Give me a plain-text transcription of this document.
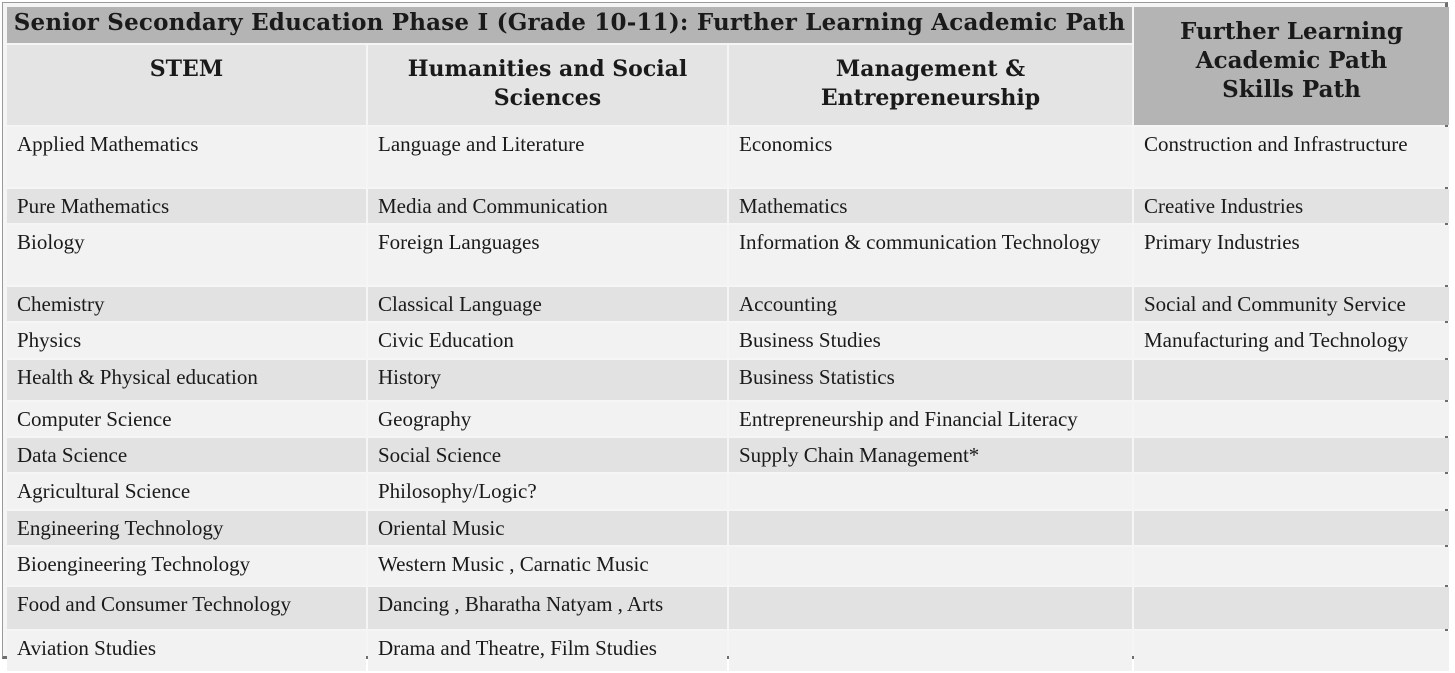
Senior Secondary Education Phase I (Grade 10-11): Further Learning Academic Path			Further Learning
Academic Path
Skills Path
STEM	Humanities and Social Sciences	Management & Entrepreneurship	
Applied Mathematics	Language and Literature	Economics	Construction and Infrastructure
Pure Mathematics	Media and Communication	Mathematics	Creative Industries
Biology	Foreign Languages	Information & communication Technology	Primary Industries
Chemistry	Classical Language	Accounting	Social and Community Service
Physics	Civic Education	Business Studies	Manufacturing and Technology
Health & Physical education	History	Business Statistics	
Computer Science	Geography	Entrepreneurship and Financial Literacy	
Data Science	Social Science	Supply Chain Management*	
Agricultural Science	Philosophy/Logic?		
Engineering Technology	Oriental Music		
Bioengineering Technology	Western Music , Carnatic Music		
Food and Consumer Technology	Dancing , Bharatha Natyam , Arts		
Aviation Studies	Drama and Theatre, Film Studies		
